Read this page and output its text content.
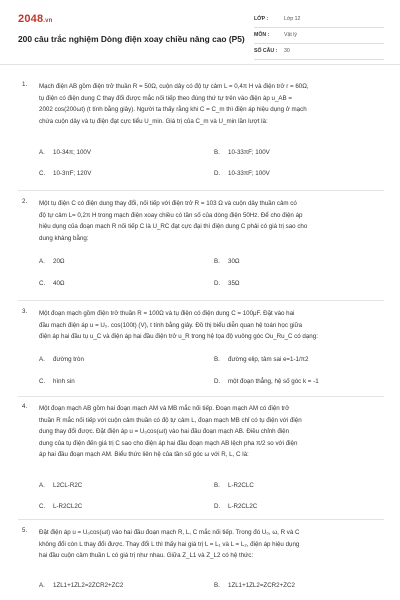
2048.vn
200 câu trắc nghiệm Dòng điện xoay chiều nâng cao (P5)
LỚP :	Lớp 12
MÔN :	Vật lý
SỐ CÂU : 30
1. Mạch điện AB gồm điện trở thuần R = 50Ω, cuộn dây có độ tự cảm L = 0,4π H và điện trở r = 60Ω,
tụ điện có điện dung C thay đổi được mắc nối tiếp theo đúng thứ tự trên vào điện áp u_AB =
2002 cos(200ωt) (t tính bằng giây). Người ta thấy rằng khi C = C_m thì điện áp hiệu dụng ở mạch
chứa cuộn dây và tụ điện đạt cực tiểu U_min. Giá trị của C_m và U_min lần lượt là:
A. 10-34π; 100V	B. 10-33πF; 100V
C. 10-3πF; 120V	D. 10-33πF; 100V
2. Một tụ điện C có điện dung thay đổi, nối tiếp với điện trở R = 103 Ω và cuộn dây thuần cảm có
độ tự cảm L= 0,2π H trong mạch điện xoay chiều có tần số của dòng điện 50Hz. Để cho điện áp
hiệu dụng của đoạn mạch R nối tiếp C là U_RC đạt cực đại thì điện dung C phải có giá trị sao cho
dung kháng bằng:
A. 20Ω	B. 30Ω
C. 40Ω	D. 35Ω
3. Một đoạn mạch gồm điện trở thuần R = 100Ω và tụ điện có điện dung C = 100μF. Đặt vào hai
đầu mạch điện áp u = U₀. cos(100t) (V), t tính bằng giây. Đồ thị biểu diễn quan hệ toán học giữa
điện áp hai đầu tụ u_C và điện áp hai đầu điện trở u_R trong hệ tọa độ vuông góc Ou_Ru_C có dạng:
A. đường tròn	B. đường elip, tâm sai e=1-1/π2
C. hình sin	D. một đoạn thẳng, hệ số góc k = -1
4. Một đoạn mạch AB gồm hai đoạn mạch AM và MB mắc nối tiếp. Đoạn mạch AM có điện trở
thuần R mắc nối tiếp với cuộn cảm thuần có độ tự cảm L, đoạn mạch MB chỉ có tụ điện với điện
dung thay đổi được. Đặt điện áp u = U₀cos(ωt) vào hai đầu đoạn mạch AB. Điều chỉnh điện
dung của tụ điện đến giá trị C sao cho điện áp hai đầu đoạn mạch AB lệch pha π/2 so với điện
áp hai đầu đoạn mạch AM. Biểu thức liên hệ của tần số góc ω với R, L, C là:
A. L2CL-R2C	B. L-R2CLC
C. L-R2CL2C	D. L-R2CL2C
5. Đặt điện áp u = U₀cos(ωt) vào hai đầu đoạn mạch R, L, C mắc nối tiếp. Trong đó U₀, ω, R và C
không đổi còn L thay đổi được. Thay đổi L thì thấy hai giá trị L = L₁ và L = L₂, điện áp hiệu dụng
hai đầu cuộn cảm thuần L có giá trị như nhau. Giữa Z_L1 và Z_L2 có hệ thức:
A. 1ZL1+1ZL2=2ZCR2+ZC2	B. 1ZL1+1ZL2=ZCR2+ZC2
